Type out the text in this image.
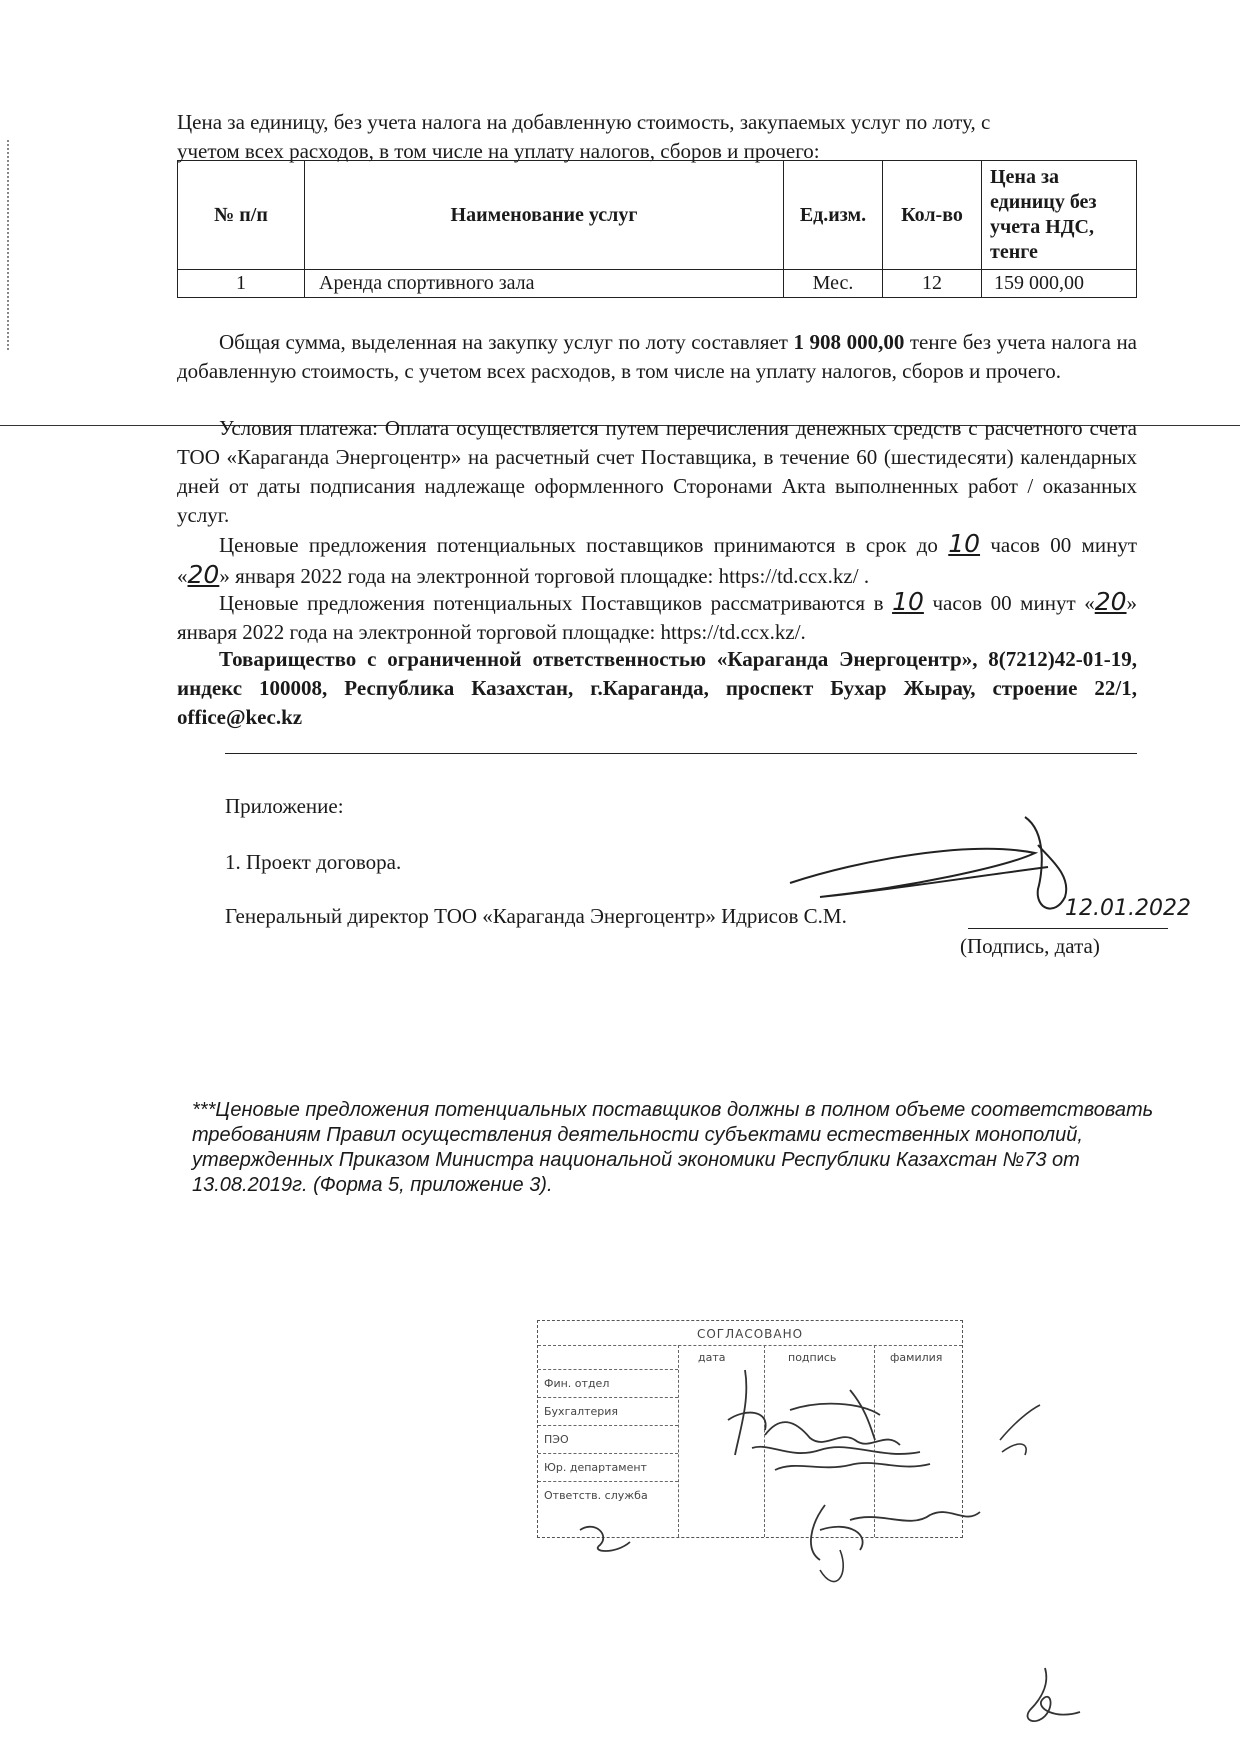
Цена за единицу, без учета налога на добавленную стоимость, закупаемых услуг по лоту, с
учетом всех расходов, в том числе на уплату налогов, сборов и прочего:
№ п/п	Наименование услуг	Ед.изм.	Кол-во	Цена за единицу без учета НДС, тенге
1	Аренда спортивного зала	Мес.	12	159 000,00
Общая сумма, выделенная на закупку услуг по лоту составляет 1 908 000,00 тенге без учета налога на добавленную стоимость, с учетом всех расходов, в том числе на уплату налогов, сборов и прочего.
Условия платежа: Оплата осуществляется путем перечисления денежных средств с расчетного счета ТОО «Караганда Энергоцентр» на расчетный счет Поставщика, в течение 60 (шестидесяти) календарных дней от даты подписания надлежаще оформленного Сторонами Акта выполненных работ / оказанных услуг.
Ценовые предложения потенциальных поставщиков принимаются в срок до 10 часов 00 минут «20» января 2022 года на электронной торговой площадке: https://td.ccx.kz/ .
Ценовые предложения потенциальных Поставщиков рассматриваются в 10 часов 00 минут «20» января 2022 года на электронной торговой площадке: https://td.ccx.kz/.
Товарищество с ограниченной ответственностью «Караганда Энергоцентр», 8(7212)42-01-19, индекс 100008, Республика Казахстан, г.Караганда, проспект Бухар Жырау, строение 22/1, office@kec.kz
Приложение:
1. Проект договора.
Генеральный директор ТОО «Караганда Энергоцентр» Идрисов С.М.	12.01.2022
(Подпись, дата)
***Ценовые предложения потенциальных поставщиков должны в полном объеме соответствовать требованиям Правил осуществления деятельности субъектами естественных монополий, утвержденных Приказом Министра национальной экономики Республики Казахстан №73 от 13.08.2019г. (Форма 5, приложение 3).
СОГЛАСОВАНО
дата	подпись	фамилия
Фин. отдел
Бухгалтерия
ПЭО
Юр. департамент
Ответств. служба
